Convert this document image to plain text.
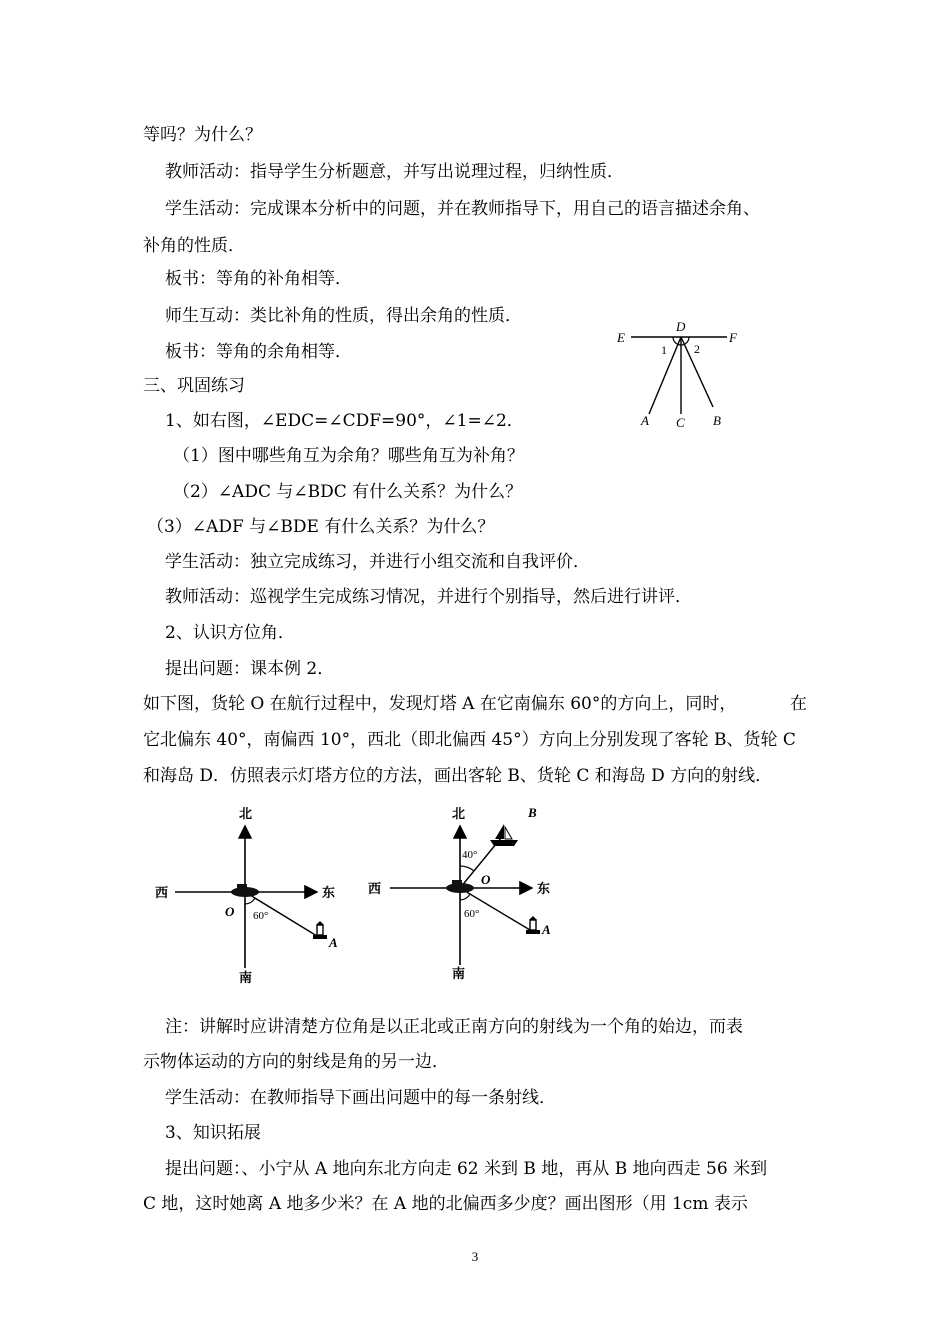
等吗？为什么？
教师活动：指导学生分析题意，并写出说理过程，归纳性质．
学生活动：完成课本分析中的问题，并在教师指导下，用自己的语言描述余角、
补角的性质．
板书：等角的补角相等．
师生互动：类比补角的性质，得出余角的性质．
板书：等角的余角相等．
三、巩固练习
1、如右图，∠EDC=∠CDF=90°，∠1=∠2．
（1）图中哪些角互为余角？哪些角互为补角？
（2）∠ADC 与∠BDC 有什么关系？为什么？
（3）∠ADF 与∠BDE 有什么关系？为什么？
学生活动：独立完成练习，并进行小组交流和自我评价．
教师活动：巡视学生完成练习情况，并进行个别指导，然后进行讲评．
2、认识方位角．
提出问题：课本例 2．
如下图，货轮 O 在航行过程中，发现灯塔 A 在它南偏东 60°的方向上，同时，	在
它北偏东 40°，南偏西 10°，西北（即北偏西 45°）方向上分别发现了客轮 B、货轮 C
和海岛 D．仿照表示灯塔方位的方法，画出客轮 B、货轮 C 和海岛 D 方向的射线．
注：讲解时应讲清楚方位角是以正北或正南方向的射线为一个角的始边，而表
示物体运动的方向的射线是角的另一边．
学生活动：在教师指导下画出问题中的每一条射线．
3、知识拓展
提出问题：、小宁从 A 地向东北方向走 62 米到 B 地，再从 B 地向西走 56 米到
C 地，这时她离 A 地多少米？在 A 地的北偏西多少度？画出图形（用 1cm 表示
E
D
F
1 2
A C B
北
西	东
南
O 60°
A
北	B
40°
西
O
东
60°
A
南
3
